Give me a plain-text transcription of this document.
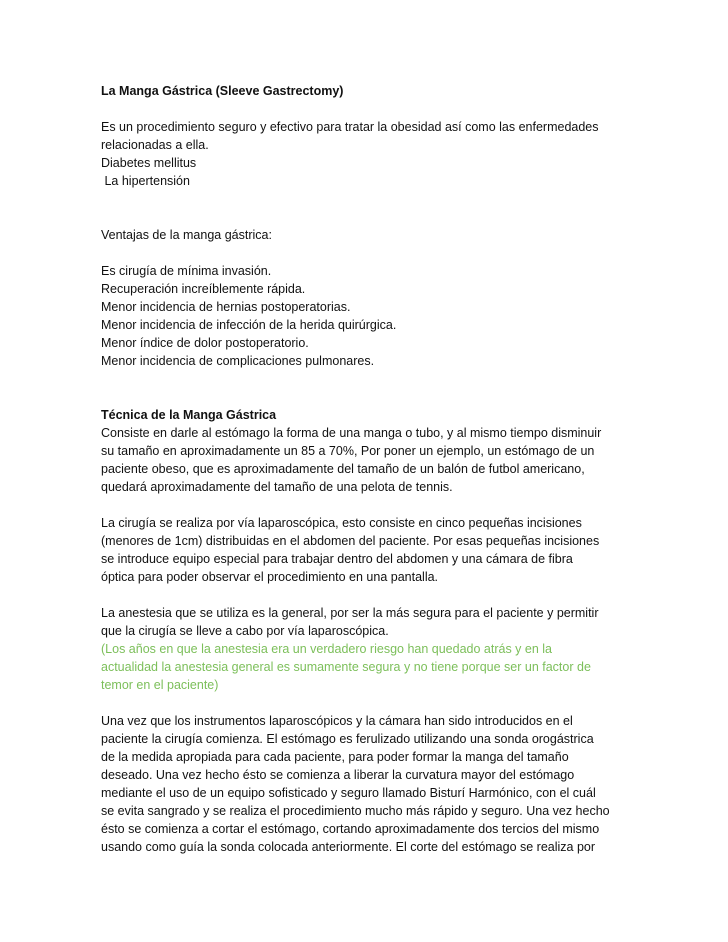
La Manga Gástrica (Sleeve Gastrectomy)
Es un procedimiento seguro y efectivo para tratar la obesidad así como las enfermedades
relacionadas a ella.
Diabetes mellitus
La hipertensión
Ventajas de la manga gástrica:
Es cirugía de mínima invasión.
Recuperación increíblemente rápida.
Menor incidencia de hernias postoperatorias.
Menor incidencia de infección de la herida quirúrgica.
Menor índice de dolor postoperatorio.
Menor incidencia de complicaciones pulmonares.
Técnica de la Manga Gástrica
Consiste en darle al estómago la forma de una manga o tubo, y al mismo tiempo disminuir
su tamaño en aproximadamente un 85 a 70%, Por poner un ejemplo, un estómago de un
paciente obeso, que es aproximadamente del tamaño de un balón de futbol americano,
quedará aproximadamente del tamaño de una pelota de tennis.
La cirugía se realiza por vía laparoscópica, esto consiste en cinco pequeñas incisiones
(menores de 1cm) distribuidas en el abdomen del paciente. Por esas pequeñas incisiones
se introduce equipo especial para trabajar dentro del abdomen y una cámara de fibra
óptica para poder observar el procedimiento en una pantalla.
La anestesia que se utiliza es la general, por ser la más segura para el paciente y permitir
que la cirugía se lleve a cabo por vía laparoscópica.
(Los años en que la anestesia era un verdadero riesgo han quedado atrás y en la
actualidad la anestesia general es sumamente segura y no tiene porque ser un factor de
temor en el paciente)
Una vez que los instrumentos laparoscópicos y la cámara han sido introducidos en el
paciente la cirugía comienza. El estómago es ferulizado utilizando una sonda orogástrica
de la medida apropiada para cada paciente, para poder formar la manga del tamaño
deseado. Una vez hecho ésto se comienza a liberar la curvatura mayor del estómago
mediante el uso de un equipo sofisticado y seguro llamado Bisturí Harmónico, con el cuál
se evita sangrado y se realiza el procedimiento mucho más rápido y seguro. Una vez hecho
ésto se comienza a cortar el estómago, cortando aproximadamente dos tercios del mismo
usando como guía la sonda colocada anteriormente. El corte del estómago se realiza por
